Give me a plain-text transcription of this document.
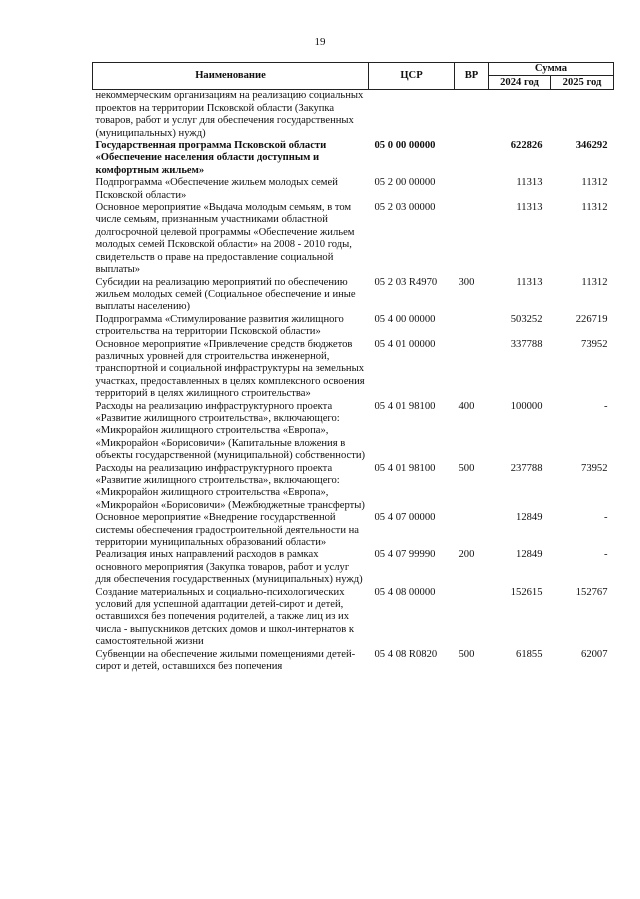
19
Наименование	ЦСР	ВР	Сумма	
			2024 год	2025 год
некоммерческим организациям на реализацию социальных проектов на территории Псковской области (Закупка товаров, работ и услуг для обеспечения государственных (муниципальных) нужд)				
Государственная программа Псковской области «Обеспечение населения области доступным и комфортным жильем»	05 0 00 00000		622826	346292
Подпрограмма «Обеспечение жильем молодых семей Псковской области»	05 2 00 00000		11313	11312
Основное мероприятие «Выдача молодым семьям, в том числе семьям, признанным участниками областной долгосрочной целевой программы «Обеспечение жильем молодых семей Псковской области» на 2008 - 2010 годы, свидетельств о праве на предоставление социальной выплаты»	05 2 03 00000		11313	11312
Субсидии на реализацию мероприятий по обеспечению жильем молодых семей (Социальное обеспечение и иные выплаты населению)	05 2 03 R4970	300	11313	11312
Подпрограмма «Стимулирование развития жилищного строительства на территории Псковской области»	05 4 00 00000		503252	226719
Основное мероприятие «Привлечение средств бюджетов различных уровней для строительства инженерной, транспортной и социальной инфраструктуры на земельных участках, предоставленных в целях комплексного освоения территорий в целях жилищного строительства»	05 4 01 00000		337788	73952
Расходы на реализацию инфраструктурного проекта «Развитие жилищного строительства», включающего: «Микрорайон жилищного строительства «Европа», «Микрорайон «Борисовичи» (Капитальные вложения в объекты государственной (муниципальной) собственности)	05 4 01 98100	400	100000	-
Расходы на реализацию инфраструктурного проекта «Развитие жилищного строительства», включающего: «Микрорайон жилищного строительства «Европа», «Микрорайон «Борисовичи» (Межбюджетные трансферты)	05 4 01 98100	500	237788	73952
Основное мероприятие «Внедрение государственной системы обеспечения градостроительной деятельности на территории муниципальных образований области»	05 4 07 00000		12849	-
Реализация иных направлений расходов в рамках основного мероприятия (Закупка товаров, работ и услуг для обеспечения государственных (муниципальных) нужд)	05 4 07 99990	200	12849	-
Создание материальных и социально-психологических условий для успешной адаптации детей-сирот и детей, оставшихся без попечения родителей, а также лиц из их числа - выпускников детских домов и школ-интернатов к самостоятельной жизни	05 4 08 00000		152615	152767
Субвенции на обеспечение жилыми помещениями детей-сирот и детей, оставшихся без попечения	05 4 08 R0820	500	61855	62007
